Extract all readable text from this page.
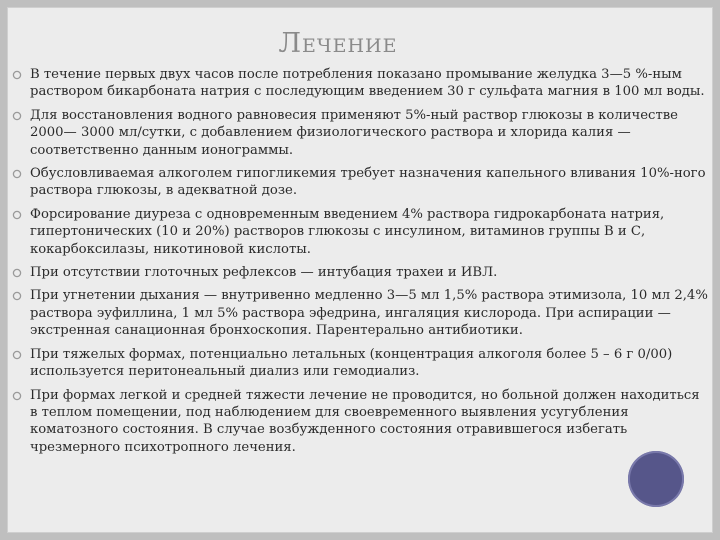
Лечение
В течение первых двух часов после потребления показано промывание желудка 3—5 %-ным раствором бикарбоната натрия с последующим введением 30 г сульфата магния в 100 мл воды.
Для восстановления водного равновесия применяют 5%-ный раствор глюкозы в количестве 2000— 3000 мл/сутки, с добавлением физиологического раствора и хлорида калия — соответственно данным ионограммы.
Обусловливаемая алкоголем гипогликемия требует назначения капельного вливания 10%-ного раствора глюкозы, в адекватной дозе.
Форсирование диуреза с одновременным введением 4% раствора гидрокарбоната натрия, гипертонических (10 и 20%) растворов глюкозы с инсулином, витаминов группы В и С, кокарбоксилазы, никотиновой кислоты.
При отсутствии глоточных рефлексов — интубация трахеи и ИВЛ.
При угнетении дыхания — внутривенно медленно 3—5 мл 1,5% раствора этимизола, 10 мл 2,4% раствора эуфиллина, 1 мл 5% раствора эфедрина, ингаляция кислорода. При аспирации — экстренная санационная бронхоскопия. Парентерально антибиотики.
При тяжелых формах, потенциально летальных (концентрация алкоголя более 5 – 6 г 0/00) используется перитонеальный диализ или гемодиализ.
При формах легкой и средней тяжести лечение не проводится, но больной должен находиться в теплом помещении, под наблюдением для своевременного выявления усугубления коматозного состояния. В случае возбужденного состояния отравившегося избегать чрезмерного психотропного лечения.
